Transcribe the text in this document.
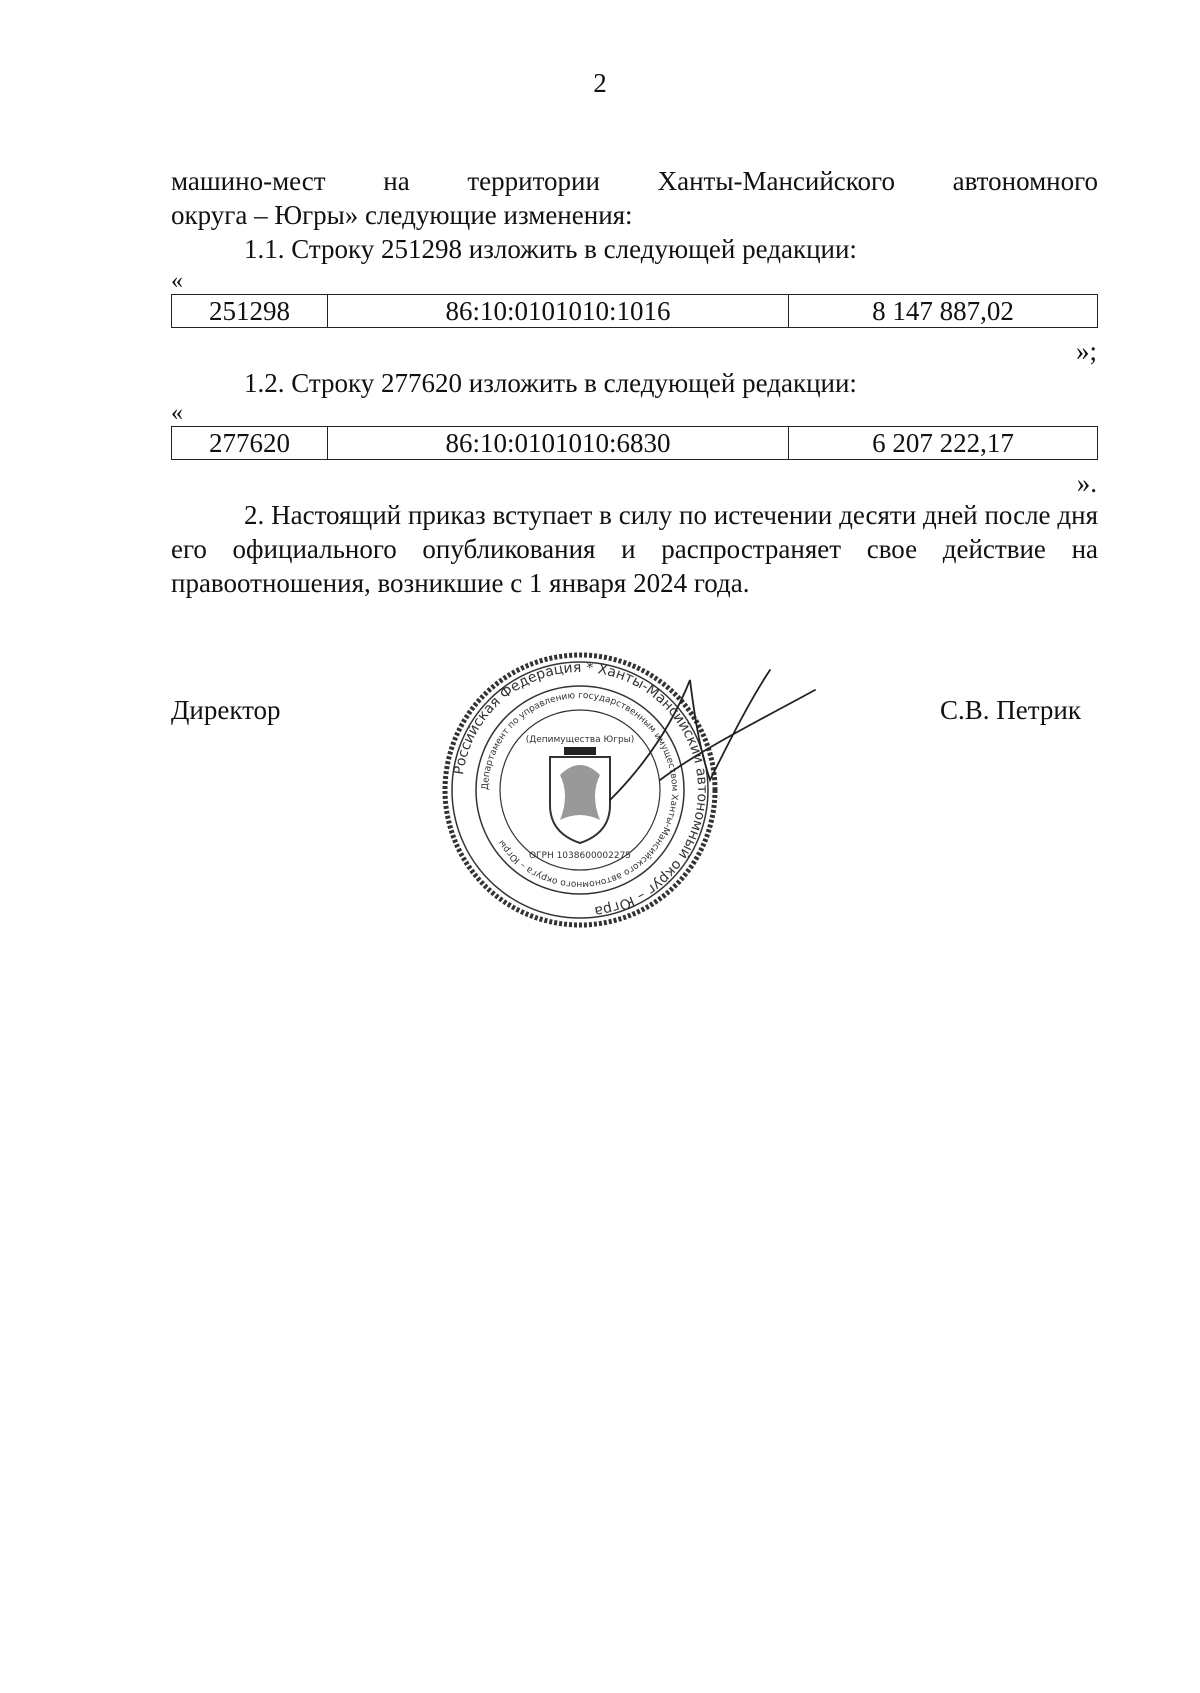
2
машино-мест на территории Ханты-Мансийского автономного
округа – Югры» следующие изменения:
1.1. Строку 251298 изложить в следующей редакции:
«
251298	86:10:0101010:1016	8 147 887,02
»;
1.2. Строку 277620 изложить в следующей редакции:
«
277620	86:10:0101010:6830	6 207 222,17
».
2. Настоящий приказ вступает в силу по истечении десяти дней после дня его официального опубликования и распространяет свое действие на правоотношения, возникшие с 1 января 2024 года.
Директор	С.В. Петрик
Российская Федерация * Ханты-Мансийский автономный округ – Югра
Департамент по управлению государственным имуществом Ханты-Мансийского автономного округа – Югры
(Депимущества Югры)
ОГРН 1038600002275
